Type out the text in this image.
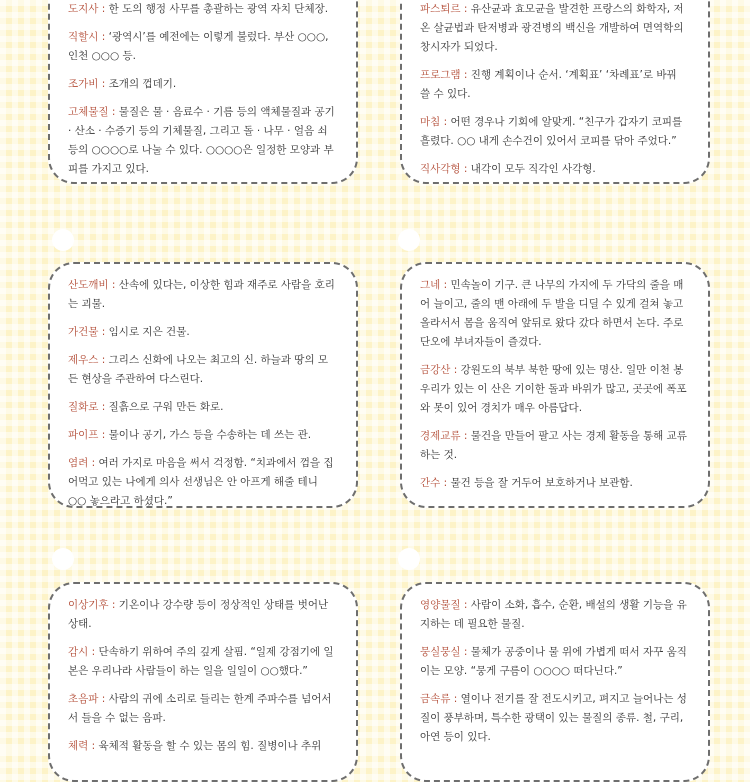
도지사 : 한 도의 행정 사무를 총괄하는 광역 자치 단체장.
직할시 : ‘광역시’를 예전에는 이렇게 불렀다. 부산 ○○○, 인천 ○○○ 등.
조가비 : 조개의 껍데기.
고체물질 : 물질은 물 · 음료수 · 기름 등의 액체물질과 공기 · 산소 · 수증기 등의 기체물질, 그리고 돌 · 나무 · 얼음 쇠 등의 ○○○○로 나눌 수 있다. ○○○○은 일정한 모양과 부피를 가지고 있다.
파스퇴르 : 유산균과 효모균을 발견한 프랑스의 화학자, 저온 살균법과 탄저병과 광견병의 백신을 개발하여 면역학의 창시자가 되었다.
프로그램 : 진행 계획이나 순서. ‘계획표’ ‘차례표’로 바꿔 쓸 수 있다.
마침 : 어떤 경우나 기회에 알맞게. “친구가 갑자기 코피를 흘렸다. ○○ 내게 손수건이 있어서 코피를 닦아 주었다.”
직사각형 : 내각이 모두 직각인 사각형.
산도깨비 : 산속에 있다는, 이상한 힘과 재주로 사람을 호리는 괴물.
가건물 : 임시로 지은 건물.
제우스 : 그리스 신화에 나오는 최고의 신. 하늘과 땅의 모든 현상을 주관하여 다스린다.
질화로 : 질흙으로 구워 만든 화로.
파이프 : 물이나 공기, 가스 등을 수송하는 데 쓰는 관.
염려 : 여러 가지로 마음을 써서 걱정함. “치과에서 껌을 집어먹고 있는 나에게 의사 선생님은 안 아프게 해줄 테니 ○○ 놓으라고 하셨다.”
그네 : 민속놀이 기구. 큰 나무의 가지에 두 가닥의 줄을 매어 늘이고, 줄의 맨 아래에 두 발을 디딜 수 있게 걸쳐 놓고 올라서서 몸을 움직여 앞뒤로 왔다 갔다 하면서 논다. 주로 단오에 부녀자들이 즐겼다.
금강산 : 강원도의 북부 북한 땅에 있는 명산. 일만 이천 봉우리가 있는 이 산은 기이한 돌과 바위가 많고, 곳곳에 폭포와 못이 있어 경치가 매우 아름답다.
경제교류 : 물건을 만들어 팔고 사는 경제 활동을 통해 교류하는 것.
간수 : 물건 등을 잘 거두어 보호하거나 보관함.
이상기후 : 기온이나 강수량 등이 정상적인 상태를 벗어난 상태.
감시 : 단속하기 위하여 주의 깊게 살핌. “일제 강점기에 일본은 우리나라 사람들이 하는 일을 일일이 ○○했다.”
초음파 : 사람의 귀에 소리로 들리는 한계 주파수를 넘어서서 들을 수 없는 음파.
체력 : 육체적 활동을 할 수 있는 몸의 힘. 질병이나 추위
영양물질 : 사람이 소화, 흡수, 순환, 배설의 생활 기능을 유지하는 데 필요한 물질.
뭉실뭉실 : 물체가 공중이나 물 위에 가볍게 떠서 자꾸 움직이는 모양. “뭉게 구름이 ○○○○ 떠다닌다.”
금속류 : 열이나 전기를 잘 전도시키고, 펴지고 늘어나는 성질이 풍부하며, 특수한 광택이 있는 물질의 종류. 철, 구리, 아연 등이 있다.
